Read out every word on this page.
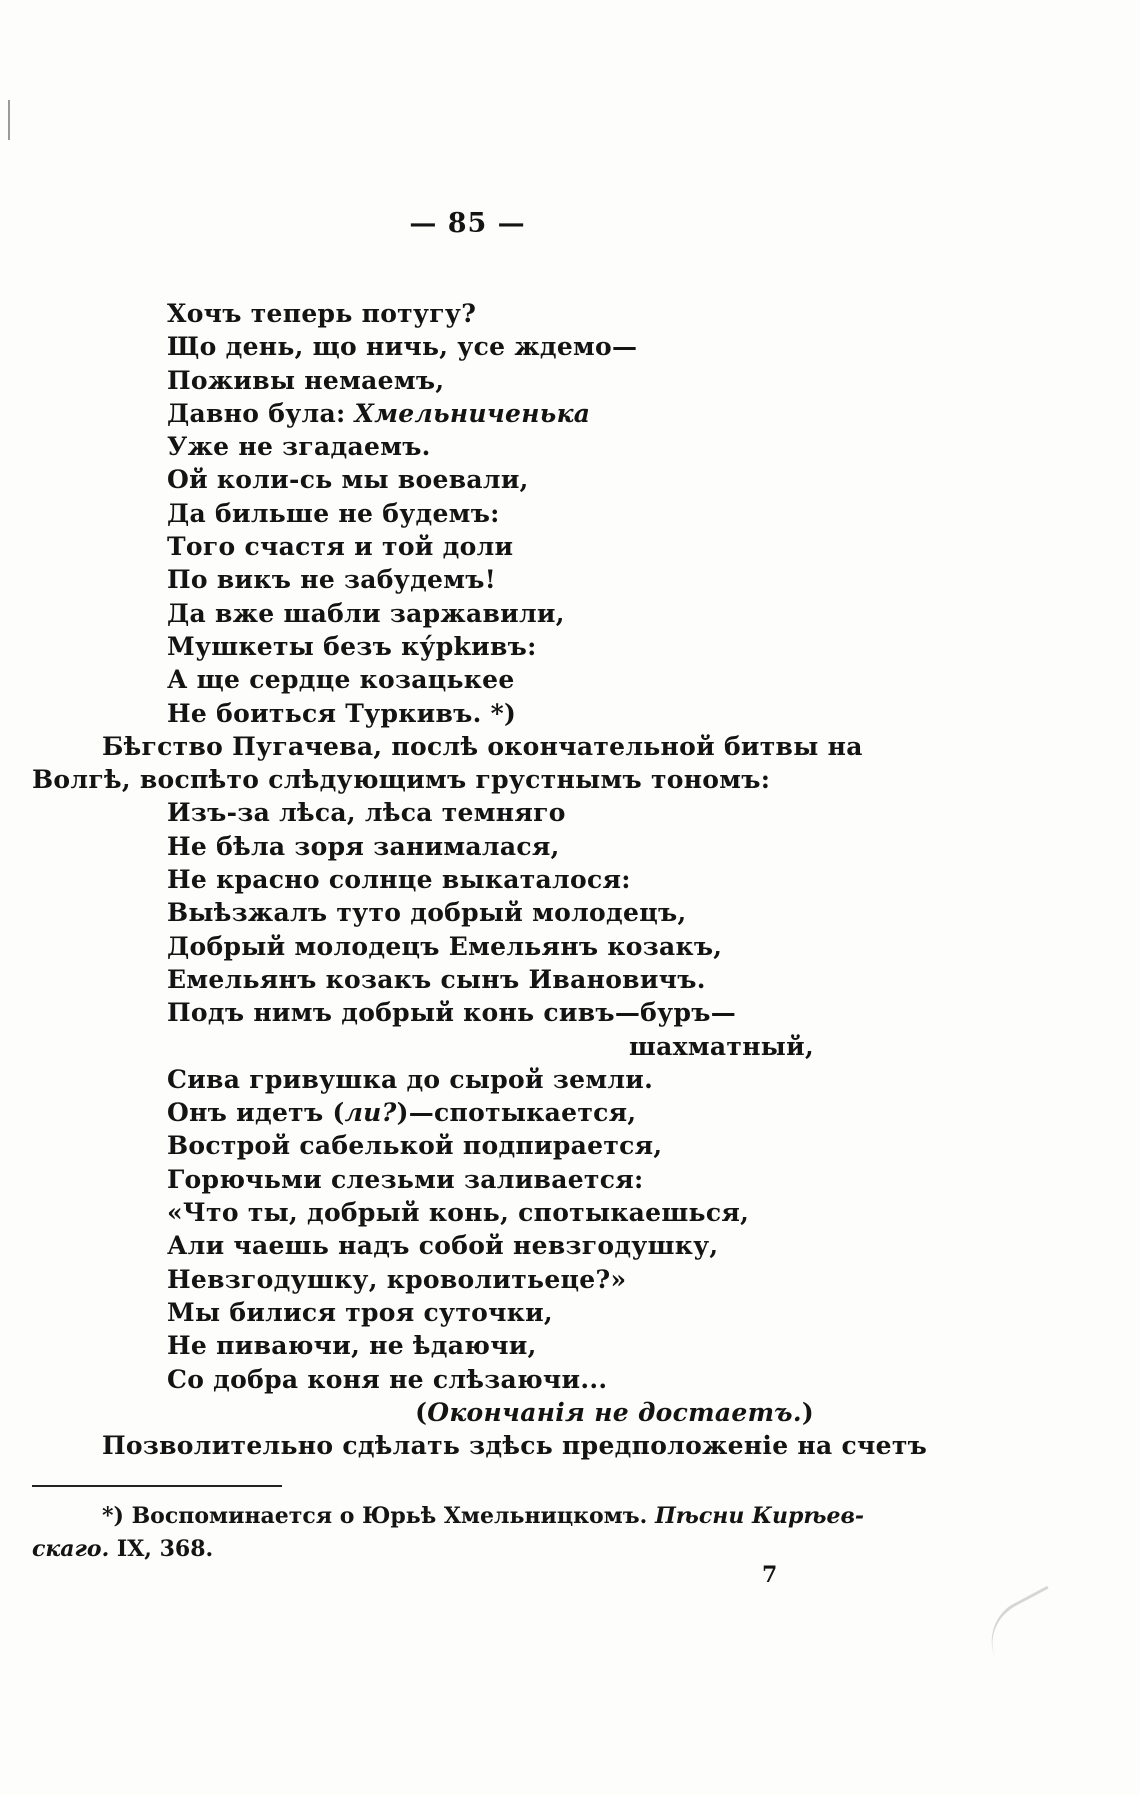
— 85 —
Хочъ теперь потугу?
Що день, що ничь, усе ждемо—
Поживы немаемъ,
Давно була: Хмельниченька
Уже не згадаемъ.
Ой коли-сь мы воевали,
Да бильше не будемъ:
Того счастя и той доли
По викъ не забудемъ!
Да вже шабли заржавили,
Мушкеты безъ ку́рkивъ:
А ще сердце козацькее
Не боиться Туркивъ. *)
Бѣгство Пугачева, послѣ окончательной битвы на
Волгѣ, воспѣто слѣдующимъ грустнымъ тономъ:
Изъ-за лѣса, лѣса темняго
Не бѣла зоря занималася,
Не красно солнце выкаталося:
Выѣзжалъ туто добрый молодецъ,
Добрый молодецъ Емельянъ козакъ,
Емельянъ козакъ сынъ Ивановичъ.
Подъ нимъ добрый конь сивъ—буръ—
шахматный,
Сива гривушка до сырой земли.
Онъ идетъ (ли?)—спотыкается,
Вострой сабелькой подпирается,
Горючьми слезьми заливается:
«Что ты, добрый конь, спотыкаешься,
Али чаешь надъ собой невзгодушку,
Невзгодушку, кроволитьеце?»
Мы билися троя суточки,
Не пиваючи, не ѣдаючи,
Со добра коня не слѣзаючи...
(Окончанія не достаетъ.)
Позволительно сдѣлать здѣсь предположеніе на счетъ
*) Воспоминается о Юрьѣ Хмельницкомъ. Пѣсни Кирѣев-
скаго. IX, 368.
7
